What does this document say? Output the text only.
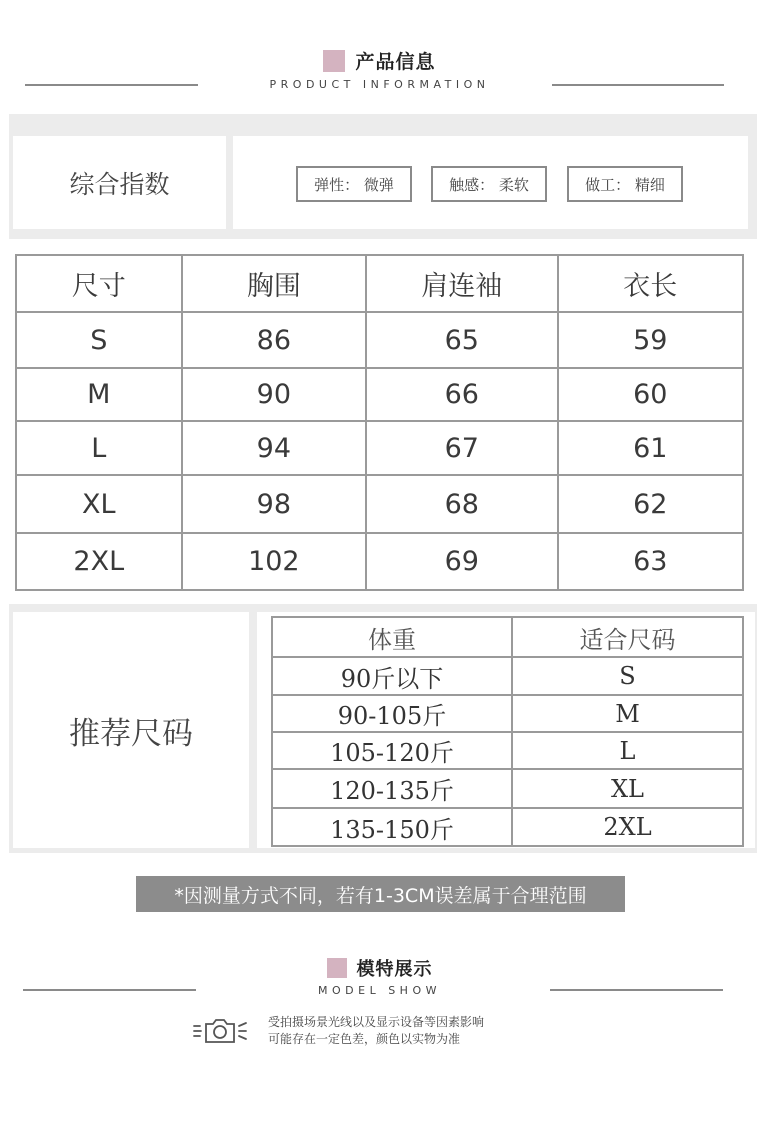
产品信息
PRODUCT INFORMATION
综合指数	弹性： 微弹	触感： 柔软	做工： 精细
尺寸	胸围	肩连袖	衣长
S	86	65	59
M	90	66	60
L	94	67	61
XL	98	68	62
2XL	102	69	63
推荐尺码
体重	适合尺码
90斤以下	S
90-105斤	M
105-120斤	L
120-135斤	XL
135-150斤	2XL
*因测量方式不同，若有1-3CM误差属于合理范围
模特展示
MODEL SHOW
受拍摄场景光线以及显示设备等因素影响
可能存在一定色差，颜色以实物为准
